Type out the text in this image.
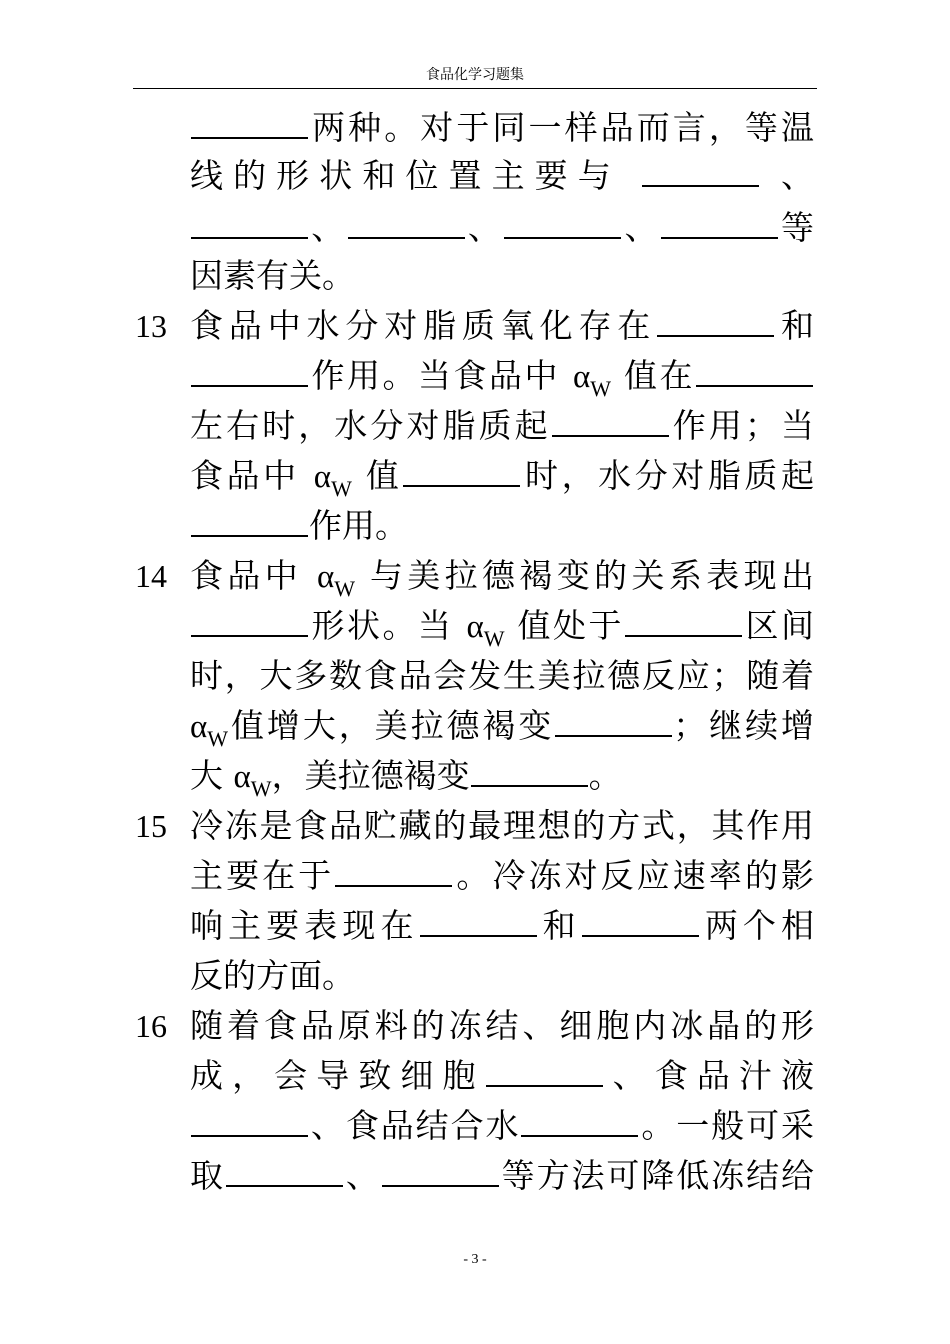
食品化学习题集
两种。对于同一样品而言，等温
线的形状和位置主要与	、
、	、	、	等
因素有关。
13 食品中水分对脂质氧化存在	和
作用。当食品中 $\alpha_W$ 值在
左右时，水分对脂质起	作用；当
食品中 $\alpha_W$ 值	时，水分对脂质起
作用。
14 食品中 $\alpha_W$ 与美拉德褐变的关系表现出
形状。当 $\alpha_W$ 值处于	区间
时，大多数食品会发生美拉德反应；随着
$\alpha_W$值增大，美拉德褐变	；继续增
大 $\alpha_W$，美拉德褐变	。
15 冷冻是食品贮藏的最理想的方式，其作用
主要在于	。冷冻对反应速率的影
响主要表现在	和	两个相
反的方面。
16 随着食品原料的冻结、细胞内冰晶的形
成，会导致细胞	、食品汁液
、食品结合水	。一般可采
取	、	等方法可降低冻结给
- 3 -
